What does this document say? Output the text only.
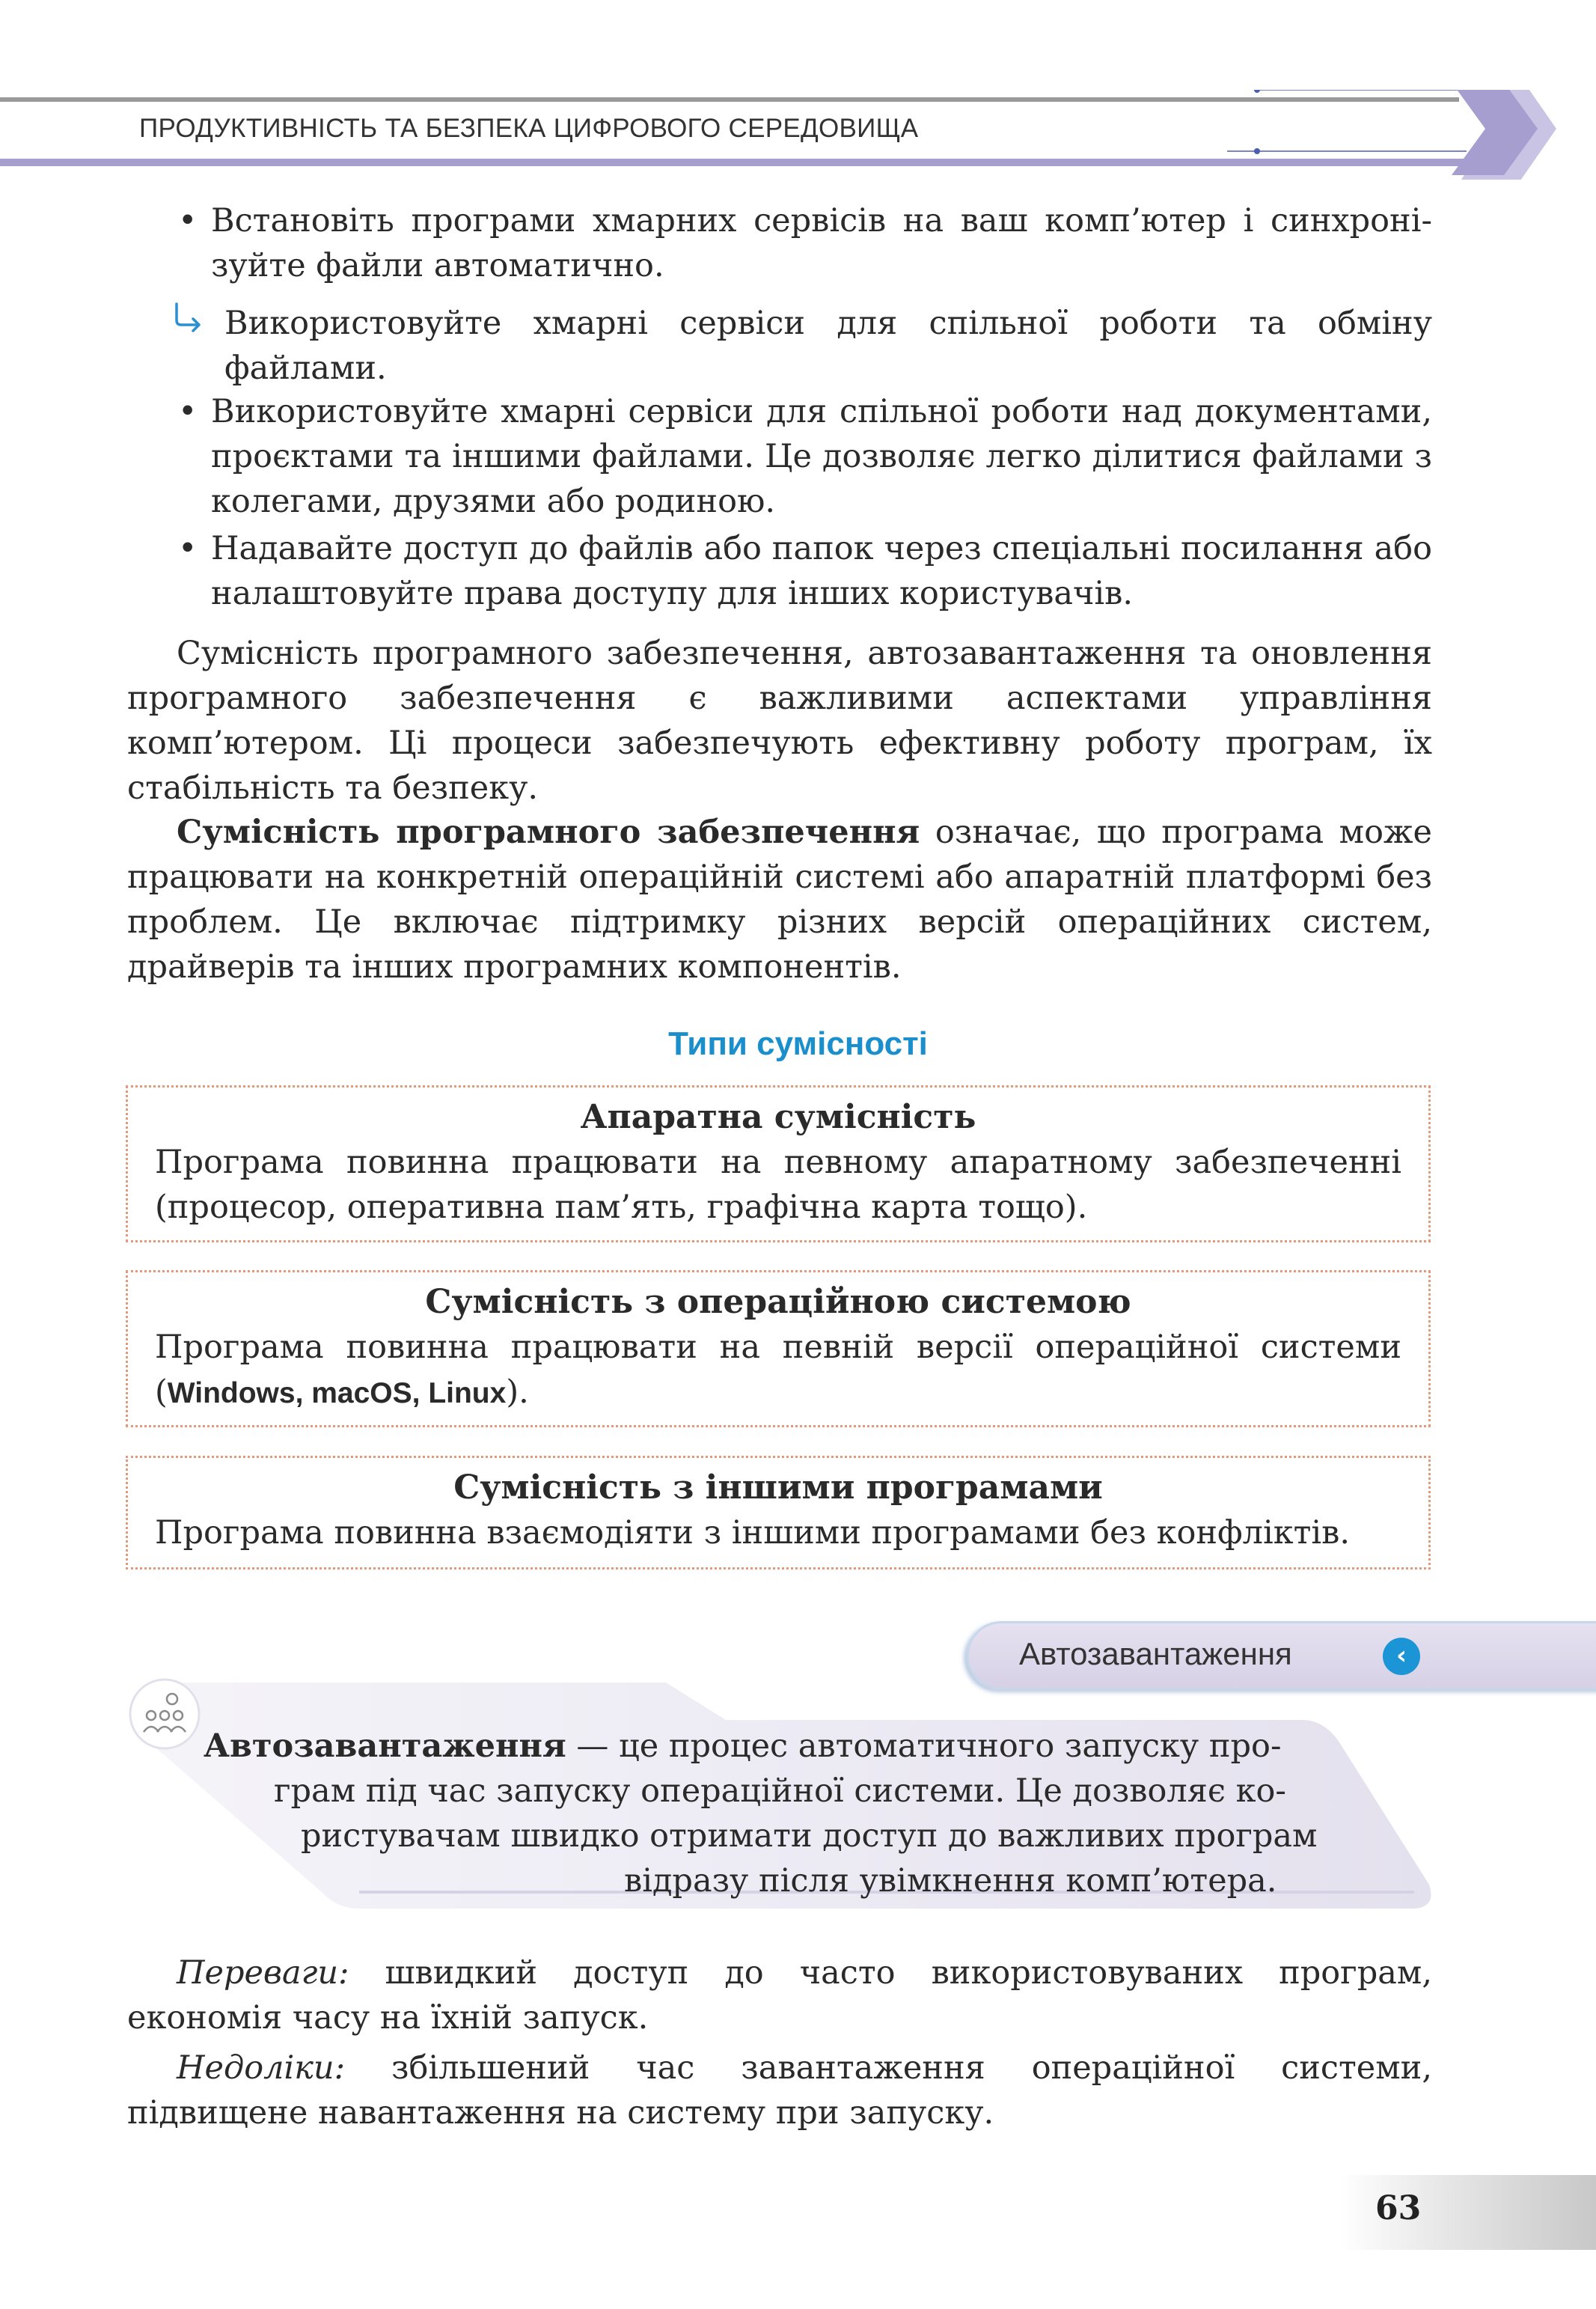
ПРОДУКТИВНІСТЬ ТА БЕЗПЕКА ЦИФРОВОГО СЕРЕДОВИЩА
• Встановіть програми хмарних сервісів на ваш комп’ютер і синхроні-зуйте файли автоматично.
Використовуйте хмарні сервіси для спільної роботи та обміну файлами.
• Використовуйте хмарні сервіси для спільної роботи над документами, проєктами та іншими файлами. Це дозволяє легко ділитися файлами з колегами, друзями або родиною.
• Надавайте доступ до файлів або папок через спеціальні посилання або налаштовуйте права доступу для інших користувачів.
Сумісність програмного забезпечення, автозавантаження та оновлення програмного забезпечення є важливими аспектами управління комп’ютером. Ці процеси забезпечують ефективну роботу програм, їх стабільність та безпеку.
Сумісність програмного забезпечення означає, що програма може працювати на конкретній операційній системі або апаратній платформі без проблем. Це включає підтримку різних версій операційних систем, драйверів та інших програмних компонентів.
Типи сумісності
Апаратна сумісність
Програма повинна працювати на певному апаратному забезпеченні (процесор, оперативна пам’ять, графічна карта тощо).
Сумісність з операційною системою
Програма повинна працювати на певній версії операційної системи (Windows, macOS, Linux).
Сумісність з іншими програмами
Програма повинна взаємодіяти з іншими програмами без конфліктів.
Автозавантаження	‹
Автозавантаження — це процес автоматичного запуску про-
грам під час запуску операційної системи. Це дозволяє ко-
ристувачам швидко отримати доступ до важливих програм
відразу після увімкнення комп’ютера.
Переваги: швидкий доступ до часто використовуваних програм, економія часу на їхній запуск.
Недоліки: збільшений час завантаження операційної системи, підвищене навантаження на систему при запуску.
63
